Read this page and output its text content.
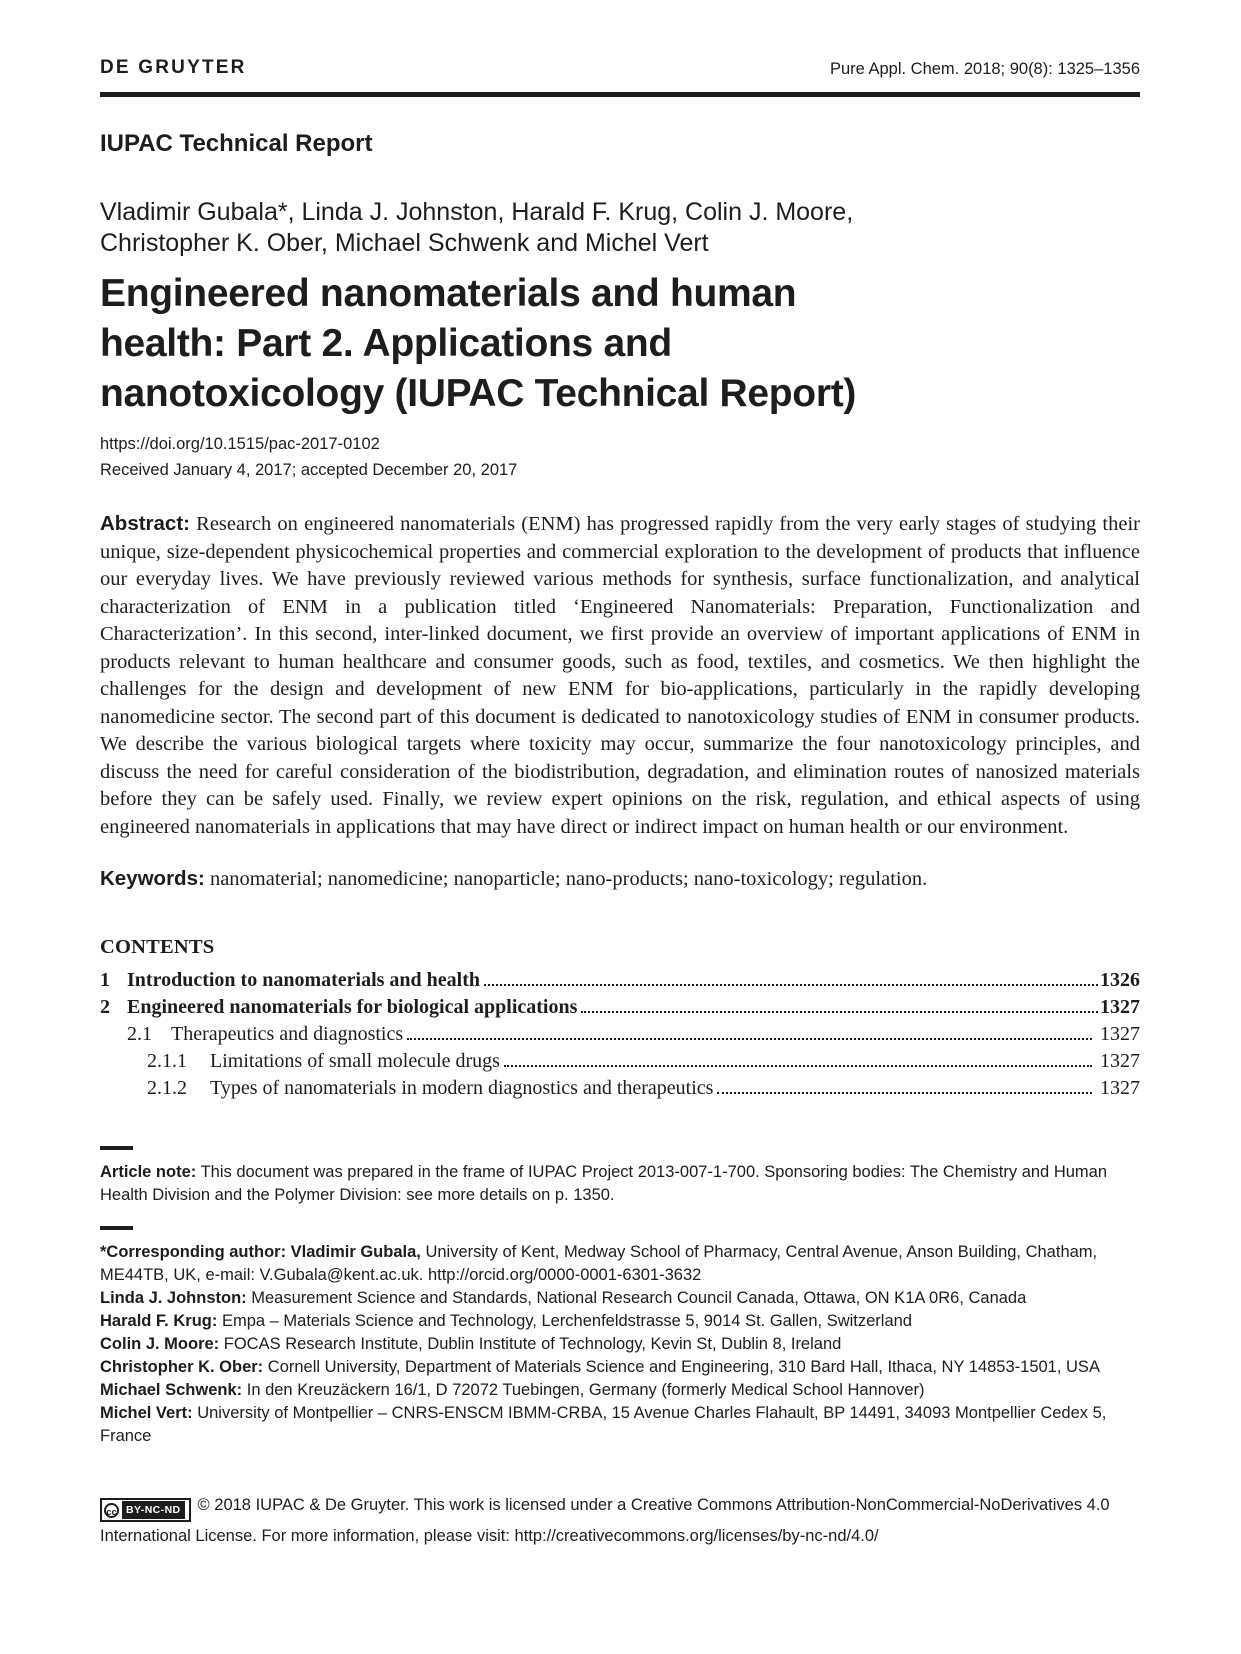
DE GRUYTER	Pure Appl. Chem. 2018; 90(8): 1325–1356
IUPAC Technical Report
Vladimir Gubala*, Linda J. Johnston, Harald F. Krug, Colin J. Moore,
Christopher K. Ober, Michael Schwenk and Michel Vert
Engineered nanomaterials and human
health: Part 2. Applications and
nanotoxicology (IUPAC Technical Report)
https://doi.org/10.1515/pac-2017-0102
Received January 4, 2017; accepted December 20, 2017

Abstract: Research on engineered nanomaterials (ENM) has progressed rapidly from the very early stages of studying their unique, size-dependent physicochemical properties and commercial exploration to the development of products that influence our everyday lives. We have previously reviewed various methods for synthesis, surface functionalization, and analytical characterization of ENM in a publication titled ‘Engineered Nanomaterials: Preparation, Functionalization and Characterization’. In this second, inter-linked document, we first provide an overview of important applications of ENM in products relevant to human healthcare and consumer goods, such as food, textiles, and cosmetics. We then highlight the challenges for the design and development of new ENM for bio-applications, particularly in the rapidly developing nanomedicine sector. The second part of this document is dedicated to nanotoxicology studies of ENM in consumer products. We describe the various biological targets where toxicity may occur, summarize the four nanotoxicology principles, and discuss the need for careful consideration of the biodistribution, degradation, and elimination routes of nanosized materials before they can be safely used. Finally, we review expert opinions on the risk, regulation, and ethical aspects of using engineered nanomaterials in applications that may have direct or indirect impact on human health or our environment.

Keywords: nanomaterial; nanomedicine; nanoparticle; nano-products; nano-toxicology; regulation.

CONTENTS
1 Introduction to nanomaterials and health	1326
2 Engineered nanomaterials for biological applications	1327
2.1 Therapeutics and diagnostics	1327
2.1.1	Limitations of small molecule drugs	1327
2.1.2	Types of nanomaterials in modern diagnostics and therapeutics	1327

Article note: This document was prepared in the frame of IUPAC Project 2013-007-1-700. Sponsoring bodies: The Chemistry and Human Health Division and the Polymer Division: see more details on p. 1350.

*Corresponding author: Vladimir Gubala, University of Kent, Medway School of Pharmacy, Central Avenue, Anson Building, Chatham, ME44TB, UK, e-mail: V.Gubala@kent.ac.uk. http://orcid.org/0000-0001-6301-3632

Linda J. Johnston: Measurement Science and Standards, National Research Council Canada, Ottawa, ON K1A 0R6, Canada

Harald F. Krug: Empa – Materials Science and Technology, Lerchenfeldstrasse 5, 9014 St. Gallen, Switzerland

Colin J. Moore: FOCAS Research Institute, Dublin Institute of Technology, Kevin St, Dublin 8, Ireland

Christopher K. Ober: Cornell University, Department of Materials Science and Engineering, 310 Bard Hall, Ithaca, NY 14853-1501, USA

Michael Schwenk: In den Kreuzäckern 16/1, D 72072 Tuebingen, Germany (formerly Medical School Hannover)

Michel Vert: University of Montpellier – CNRS-ENSCM IBMM-CRBA, 15 Avenue Charles Flahault, BP 14491, 34093 Montpellier Cedex 5, France

cc BY-NC-ND © 2018 IUPAC & De Gruyter. This work is licensed under a Creative Commons Attribution-NonCommercial-NoDerivatives 4.0 International License. For more information, please visit: http://creativecommons.org/licenses/by-nc-nd/4.0/
